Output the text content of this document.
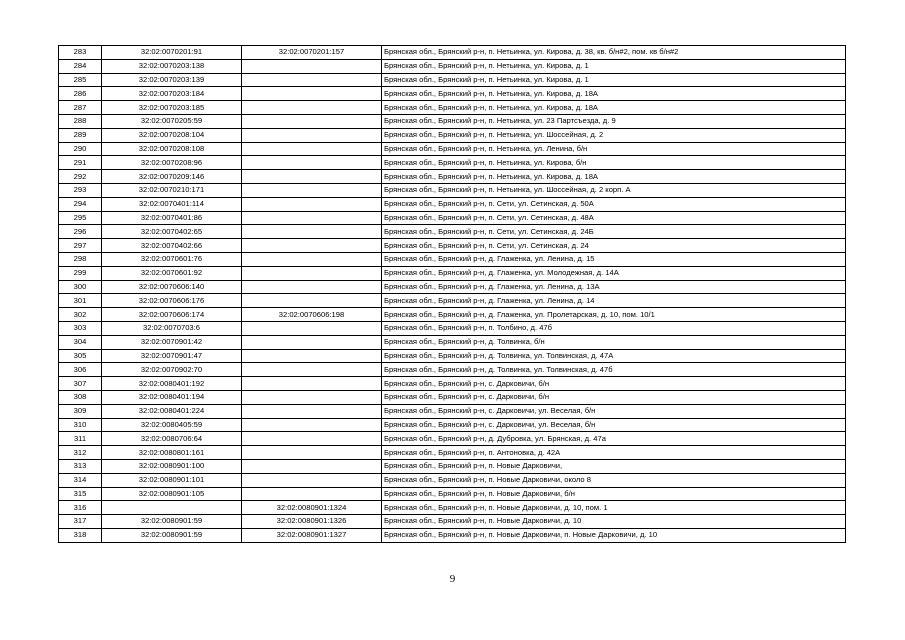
283	32:02:0070201:91	32:02:0070201:157	Брянская обл., Брянский р-н, п. Нетьинка, ул. Кирова, д. 38, кв. б/н#2, пом. кв б/н#2
284	32:02:0070203:138		Брянская обл., Брянский р-н, п. Нетьинка, ул. Кирова, д. 1
285	32:02:0070203:139		Брянская обл., Брянский р-н, п. Нетьинка, ул. Кирова, д. 1
286	32:02:0070203:184		Брянская обл., Брянский р-н, п. Нетьинка, ул. Кирова, д. 18А
287	32:02:0070203:185		Брянская обл., Брянский р-н, п. Нетьинка, ул. Кирова, д. 18А
288	32:02:0070205:59		Брянская обл., Брянский р-н, п. Нетьинка, ул. 23 Партсъезда, д. 9
289	32:02:0070208:104		Брянская обл., Брянский р-н, п. Нетьинка, ул. Шоссейная, д. 2
290	32:02:0070208:108		Брянская обл., Брянский р-н, п. Нетьинка, ул. Ленина, б/н
291	32:02:0070208:96		Брянская обл., Брянский р-н, п. Нетьинка, ул. Кирова, б/н
292	32:02:0070209:146		Брянская обл., Брянский р-н, п. Нетьинка, ул. Кирова, д. 18А
293	32:02:0070210:171		Брянская обл., Брянский р-н, п. Нетьинка, ул. Шоссейная, д. 2 корп. А
294	32:02:0070401:114		Брянская обл., Брянский р-н, п. Сети, ул. Сетинская, д. 50А
295	32:02:0070401:86		Брянская обл., Брянский р-н, п. Сети, ул. Сетинская, д. 48А
296	32:02:0070402:65		Брянская обл., Брянский р-н, п. Сети, ул. Сетинская, д. 24Б
297	32:02:0070402:66		Брянская обл., Брянский р-н, п. Сети, ул. Сетинская, д. 24
298	32:02:0070601:76		Брянская обл., Брянский р-н, д. Глаженка, ул. Ленина, д. 15
299	32:02:0070601:92		Брянская обл., Брянский р-н, д. Глаженка, ул. Молодежная, д. 14А
300	32:02:0070606:140		Брянская обл., Брянский р-н, д. Глаженка, ул. Ленина, д. 13А
301	32:02:0070606:176		Брянская обл., Брянский р-н, д. Глаженка, ул. Ленина, д. 14
302	32:02:0070606:174	32:02:0070606:198	Брянская обл., Брянский р-н, д. Глаженка, ул. Пролетарская, д. 10, пом. 10/1
303	32:02:0070703:6		Брянская обл., Брянский р-н, п. Толбино, д. 47б
304	32:02:0070901:42		Брянская обл., Брянский р-н, д. Толвинка, б/н
305	32:02:0070901:47		Брянская обл., Брянский р-н, д. Толвинка, ул. Толвинская, д. 47А
306	32:02:0070902:70		Брянская обл., Брянский р-н, д. Толвинка, ул. Толвинская, д. 47б
307	32:02:0080401:192		Брянская обл., Брянский р-н, с. Дарковичи, б/н
308	32:02:0080401:194		Брянская обл., Брянский р-н, с. Дарковичи, б/н
309	32:02:0080401:224		Брянская обл., Брянский р-н, с. Дарковичи, ул. Веселая, б/н
310	32:02:0080405:59		Брянская обл., Брянский р-н, с. Дарковичи, ул. Веселая, б/н
311	32:02:0080706:64		Брянская обл., Брянский р-н, д. Дубровка, ул. Брянская, д. 47а
312	32:02:0080801:161		Брянская обл., Брянский р-н, п. Антоновка, д. 42А
313	32:02:0080901:100		Брянская обл., Брянский р-н, п. Новые Дарковичи,
314	32:02:0080901:101		Брянская обл., Брянский р-н, п. Новые Дарковичи, около 8
315	32:02:0080901:105		Брянская обл., Брянский р-н, п. Новые Дарковичи, б/н
316		32:02:0080901:1324	Брянская обл., Брянский р-н, п. Новые Дарковичи, д. 10, пом. 1
317	32:02:0080901:59	32:02:0080901:1326	Брянская обл., Брянский р-н, п. Новые Дарковичи, д. 10
318	32:02:0080901:59	32:02:0080901:1327	Брянская обл., Брянский р-н, п. Новые Дарковичи, п. Новые Дарковичи, д. 10
9
